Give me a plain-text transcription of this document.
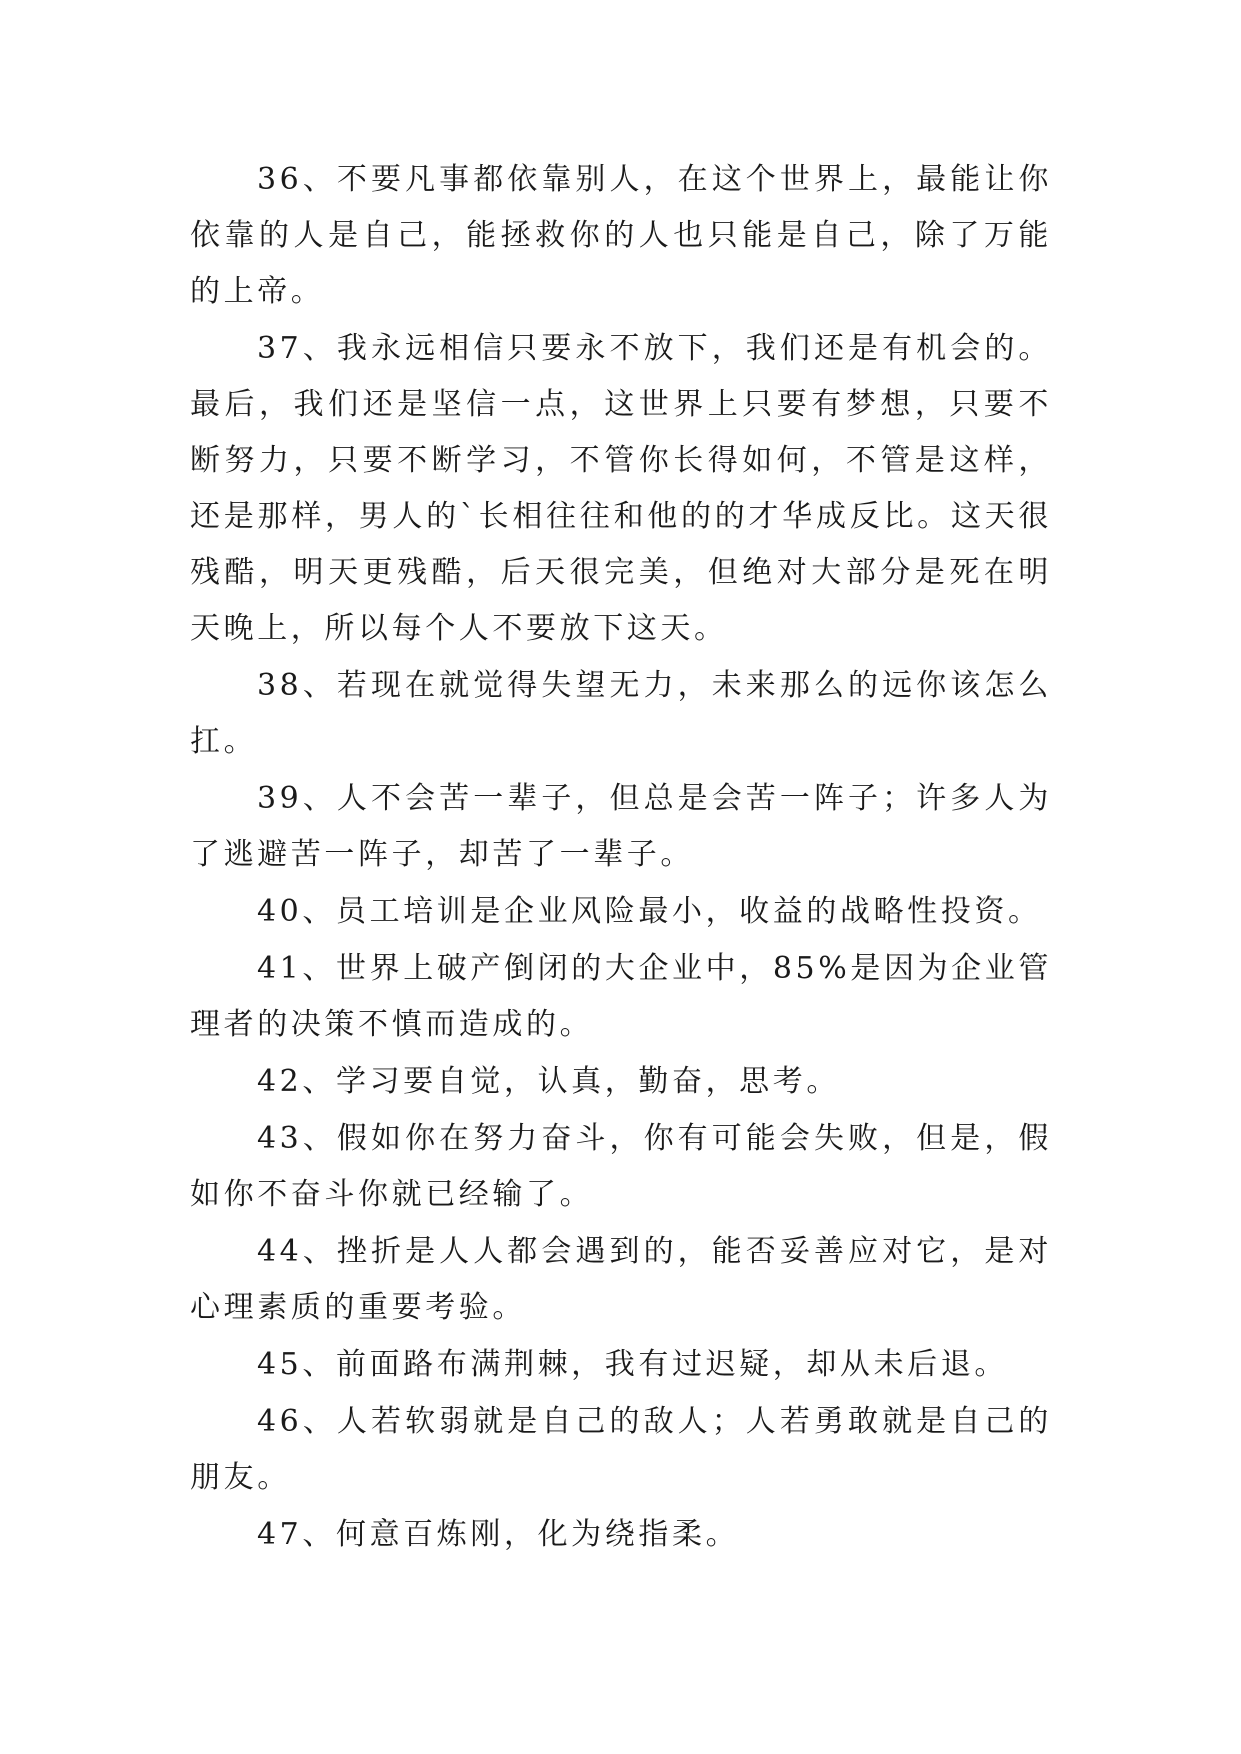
36、不要凡事都依靠别人，在这个世界上，最能让你依靠的人是自己，能拯救你的人也只能是自己，除了万能的上帝。

37、我永远相信只要永不放下，我们还是有机会的。最后，我们还是坚信一点，这世界上只要有梦想，只要不断努力，只要不断学习，不管你长得如何，不管是这样，还是那样，男人的`长相往往和他的的才华成反比。这天很残酷，明天更残酷，后天很完美，但绝对大部分是死在明天晚上，所以每个人不要放下这天。

38、若现在就觉得失望无力，未来那么的远你该怎么扛。

39、人不会苦一辈子，但总是会苦一阵子；许多人为了逃避苦一阵子，却苦了一辈子。

40、员工培训是企业风险最小，收益的战略性投资。

41、世界上破产倒闭的大企业中，85%是因为企业管理者的决策不慎而造成的。

42、学习要自觉，认真，勤奋，思考。

43、假如你在努力奋斗，你有可能会失败，但是，假如你不奋斗你就已经输了。

44、挫折是人人都会遇到的，能否妥善应对它，是对心理素质的重要考验。

45、前面路布满荆棘，我有过迟疑，却从未后退。

46、人若软弱就是自己的敌人；人若勇敢就是自己的朋友。

47、何意百炼刚，化为绕指柔。
